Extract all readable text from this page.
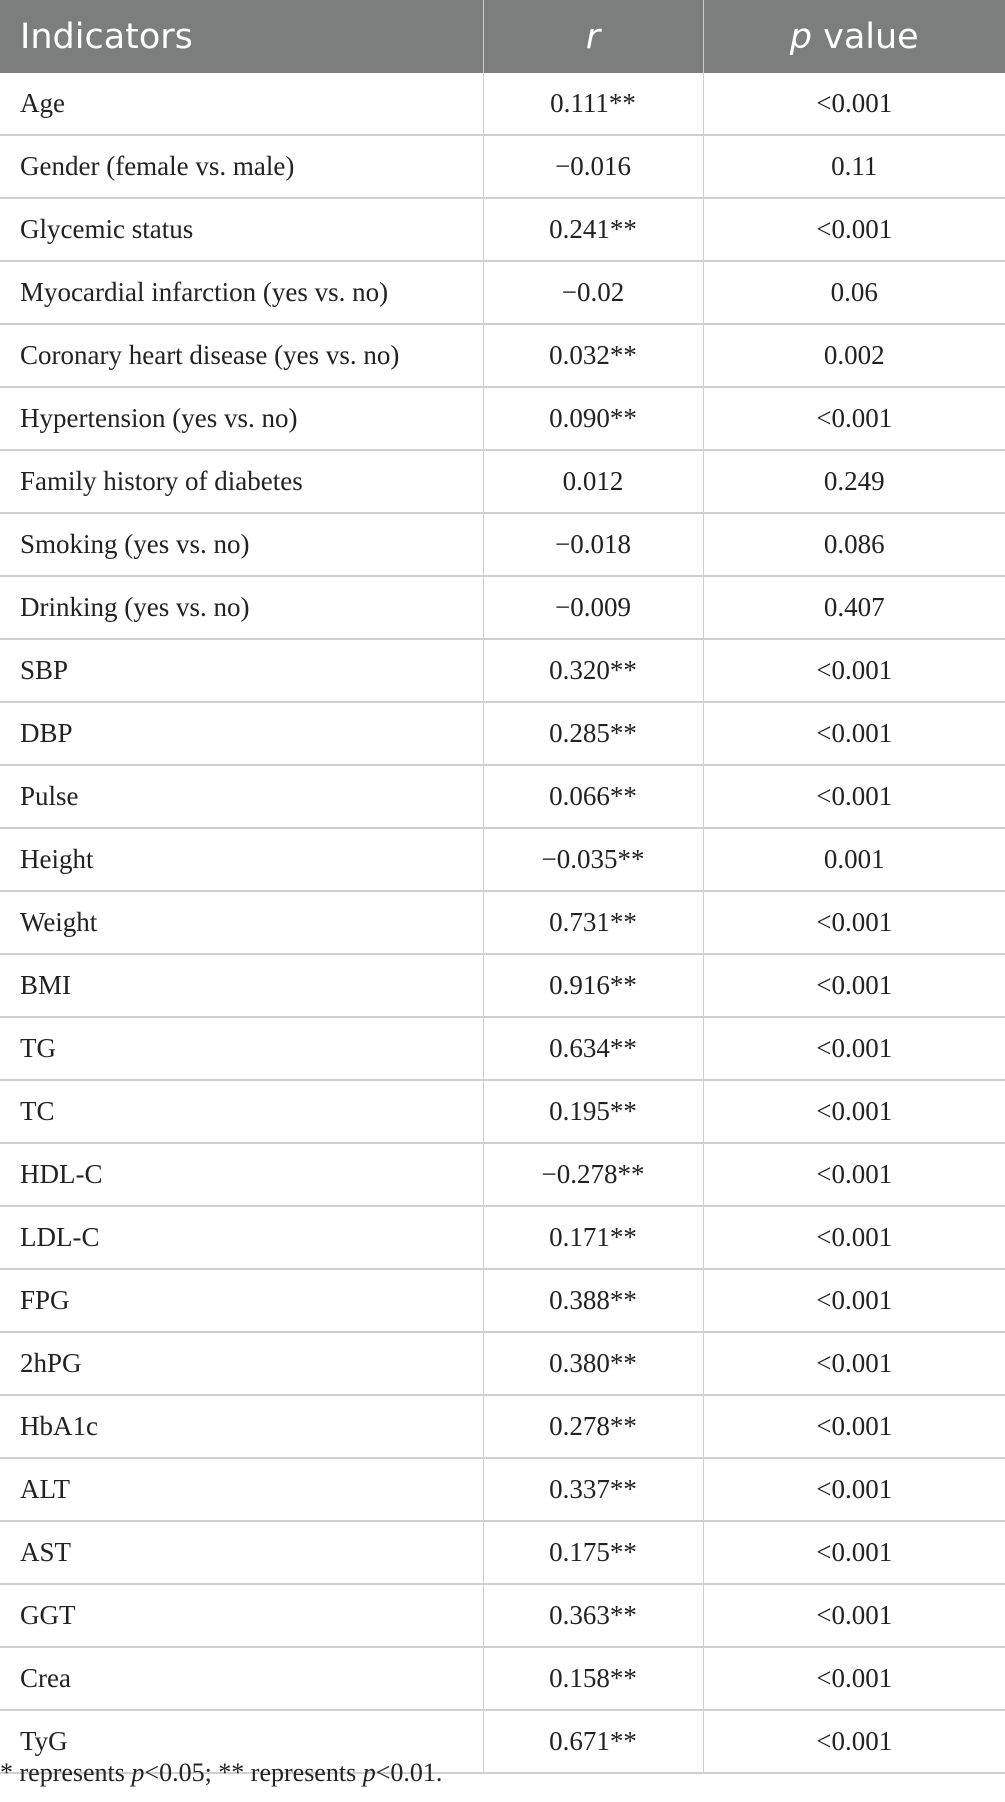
Indicators	r	p value
Age	0.111**	<0.001
Gender (female vs. male)	−0.016	0.11
Glycemic status	0.241**	<0.001
Myocardial infarction (yes vs. no)	−0.02	0.06
Coronary heart disease (yes vs. no)	0.032**	0.002
Hypertension (yes vs. no)	0.090**	<0.001
Family history of diabetes	0.012	0.249
Smoking (yes vs. no)	−0.018	0.086
Drinking (yes vs. no)	−0.009	0.407
SBP	0.320**	<0.001
DBP	0.285**	<0.001
Pulse	0.066**	<0.001
Height	−0.035**	0.001
Weight	0.731**	<0.001
BMI	0.916**	<0.001
TG	0.634**	<0.001
TC	0.195**	<0.001
HDL-C	−0.278**	<0.001
LDL-C	0.171**	<0.001
FPG	0.388**	<0.001
2hPG	0.380**	<0.001
HbA1c	0.278**	<0.001
ALT	0.337**	<0.001
AST	0.175**	<0.001
GGT	0.363**	<0.001
Crea	0.158**	<0.001
TyG	0.671**	<0.001
* represents p<0.05; ** represents p<0.01.
